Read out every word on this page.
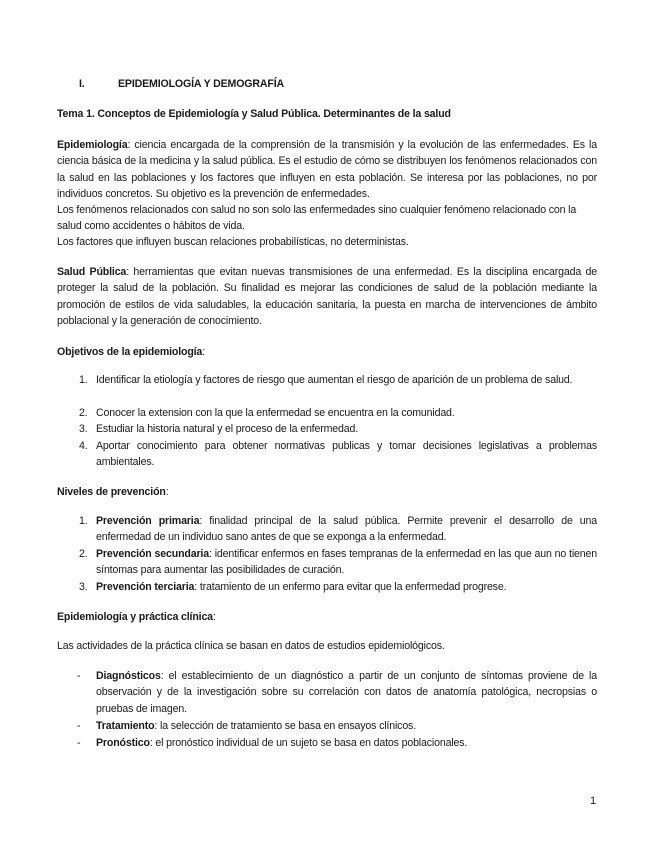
I.	EPIDEMIOLOGÍA Y DEMOGRAFÍA
Tema 1. Conceptos de Epidemiología y Salud Pública. Determinantes de la salud
Epidemiología: ciencia encargada de la comprensión de la transmisión y la evolución de las enfermedades. Es la ciencia básica de la medicina y la salud pública. Es el estudio de cómo se distribuyen los fenómenos relacionados con la salud en las poblaciones y los factores que influyen en esta población. Se interesa por las poblaciones, no por individuos concretos. Su objetivo es la prevención de enfermedades.
Los fenómenos relacionados con salud no son solo las enfermedades sino cualquier fenómeno relacionado con la salud como accidentes o hábitos de vida.
Los factores que influyen buscan relaciones probabilísticas, no deterministas.
Salud Pública: herramientas que evitan nuevas transmisiones de una enfermedad. Es la disciplina encargada de proteger la salud de la población. Su finalidad es mejorar las condiciones de salud de la población mediante la promoción de estilos de vida saludables, la educación sanitaria, la puesta en marcha de intervenciones de ámbito poblacional y la generación de conocimiento.
Objetivos de la epidemiología:
1. Identificar la etiología y factores de riesgo que aumentan el riesgo de aparición de un problema de salud.
2. Conocer la extension con la que la enfermedad se encuentra en la comunidad.
3. Estudiar la historia natural y el proceso de la enfermedad.
4. Aportar conocimiento para obtener normativas publicas y tomar decisiones legislativas a problemas ambientales.
Niveles de prevención:
1. Prevención primaria: finalidad principal de la salud pública. Permite prevenir el desarrollo de una enfermedad de un individuo sano antes de que se exponga a la enfermedad.
2. Prevención secundaria: identificar enfermos en fases tempranas de la enfermedad en las que aun no tienen síntomas para aumentar las posibilidades de curación.
3. Prevención terciaria: tratamiento de un enfermo para evitar que la enfermedad progrese.
Epidemiología y práctica clínica:
Las actividades de la práctica clínica se basan en datos de estudios epidemiológicos.
- Diagnósticos: el establecimiento de un diagnóstico a partir de un conjunto de síntomas proviene de la observación y de la investigación sobre su correlación con datos de anatomía patológica, necropsias o pruebas de imagen.
- Tratamiento: la selección de tratamiento se basa en ensayos clínicos.
- Pronóstico: el pronóstico individual de un sujeto se basa en datos poblacionales.
1
